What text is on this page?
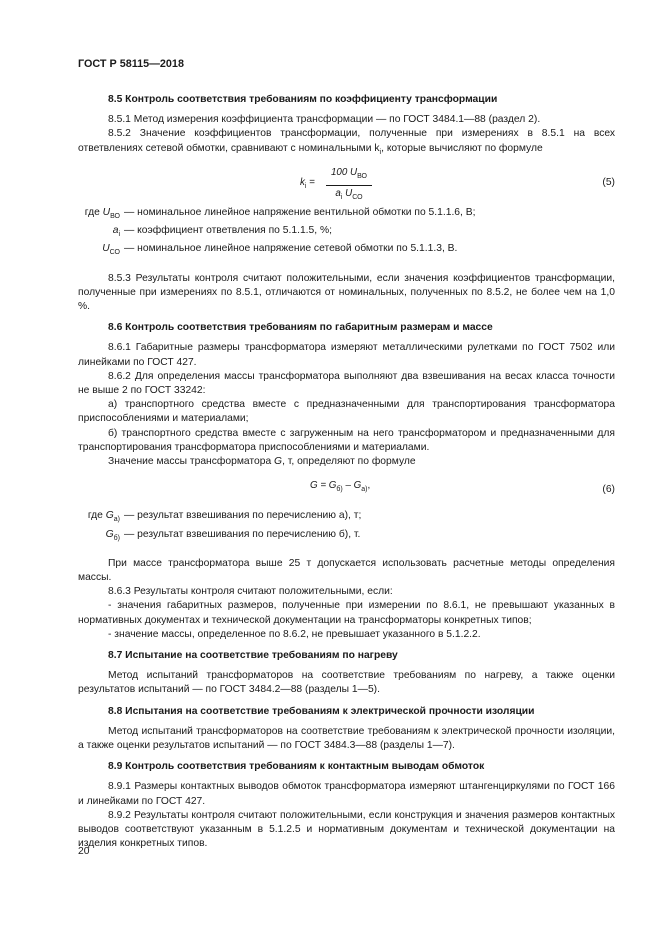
ГОСТ Р 58115—2018
8.5 Контроль соответствия требованиям по коэффициенту трансформации

8.5.1 Метод измерения коэффициента трансформации — по ГОСТ 3484.1—88 (раздел 2).

8.5.2 Значение коэффициентов трансформации, полученные при измерениях в 8.5.1 на всех ответвлениях сетевой обмотки, сравнивают с номинальными $k_i$, которые вычисляют по формуле

$k_i$ =
100 $U_{ВО}$
$a_i$ $U_{СО}$
(5)
где $U_{ВО}$ — номинальное линейное напряжение вентильной обмотки по 5.1.1.6, В;
$a_i$ — коэффициент ответвления по 5.1.1.5, %;
$U_{СО}$ — номинальное линейное напряжение сетевой обмотки по 5.1.1.3, В.

8.5.3 Результаты контроля считают положительными, если значения коэффициентов трансформации, полученные при измерениях по 8.5.1, отличаются от номинальных, полученных по 8.5.2, не более чем на 1,0 %.

8.6 Контроль соответствия требованиям по габаритным размерам и массе

8.6.1 Габаритные размеры трансформатора измеряют металлическими рулетками по ГОСТ 7502 или линейками по ГОСТ 427.

8.6.2 Для определения массы трансформатора выполняют два взвешивания на весах класса точности не выше 2 по ГОСТ 33242:

а) транспортного средства вместе с предназначенными для транспортирования трансформатора приспособлениями и материалами;

б) транспортного средства вместе с загруженным на него трансформатором и предназначенными для транспортирования трансформатора приспособлениями и материалами.

Значение массы трансформатора G, т, определяют по формуле

$G = G_{б)} - G_{а)}$,	(6)
где $G_{а)}$ — результат взвешивания по перечислению а), т;
$G_{б)}$ — результат взвешивания по перечислению б), т.

При массе трансформатора выше 25 т допускается использовать расчетные методы определения массы.

8.6.3 Результаты контроля считают положительными, если:

- значения габаритных размеров, полученные при измерении по 8.6.1, не превышают указанных в нормативных документах и технической документации на трансформаторы конкретных типов;

- значение массы, определенное по 8.6.2, не превышает указанного в 5.1.2.2.

8.7 Испытание на соответствие требованиям по нагреву

Метод испытаний трансформаторов на соответствие требованиям по нагреву, а также оценки результатов испытаний — по ГОСТ 3484.2—88 (разделы 1—5).

8.8 Испытания на соответствие требованиям к электрической прочности изоляции

Метод испытаний трансформаторов на соответствие требованиям к электрической прочности изоляции, а также оценки результатов испытаний — по ГОСТ 3484.3—88 (разделы 1—7).

8.9 Контроль соответствия требованиям к контактным выводам обмоток

8.9.1 Размеры контактных выводов обмоток трансформатора измеряют штангенциркулями по ГОСТ 166 и линейками по ГОСТ 427.

8.9.2 Результаты контроля считают положительными, если конструкция и значения размеров контактных выводов соответствуют указанным в 5.1.2.5 и нормативным документам и технической документации на изделия конкретных типов.

20
